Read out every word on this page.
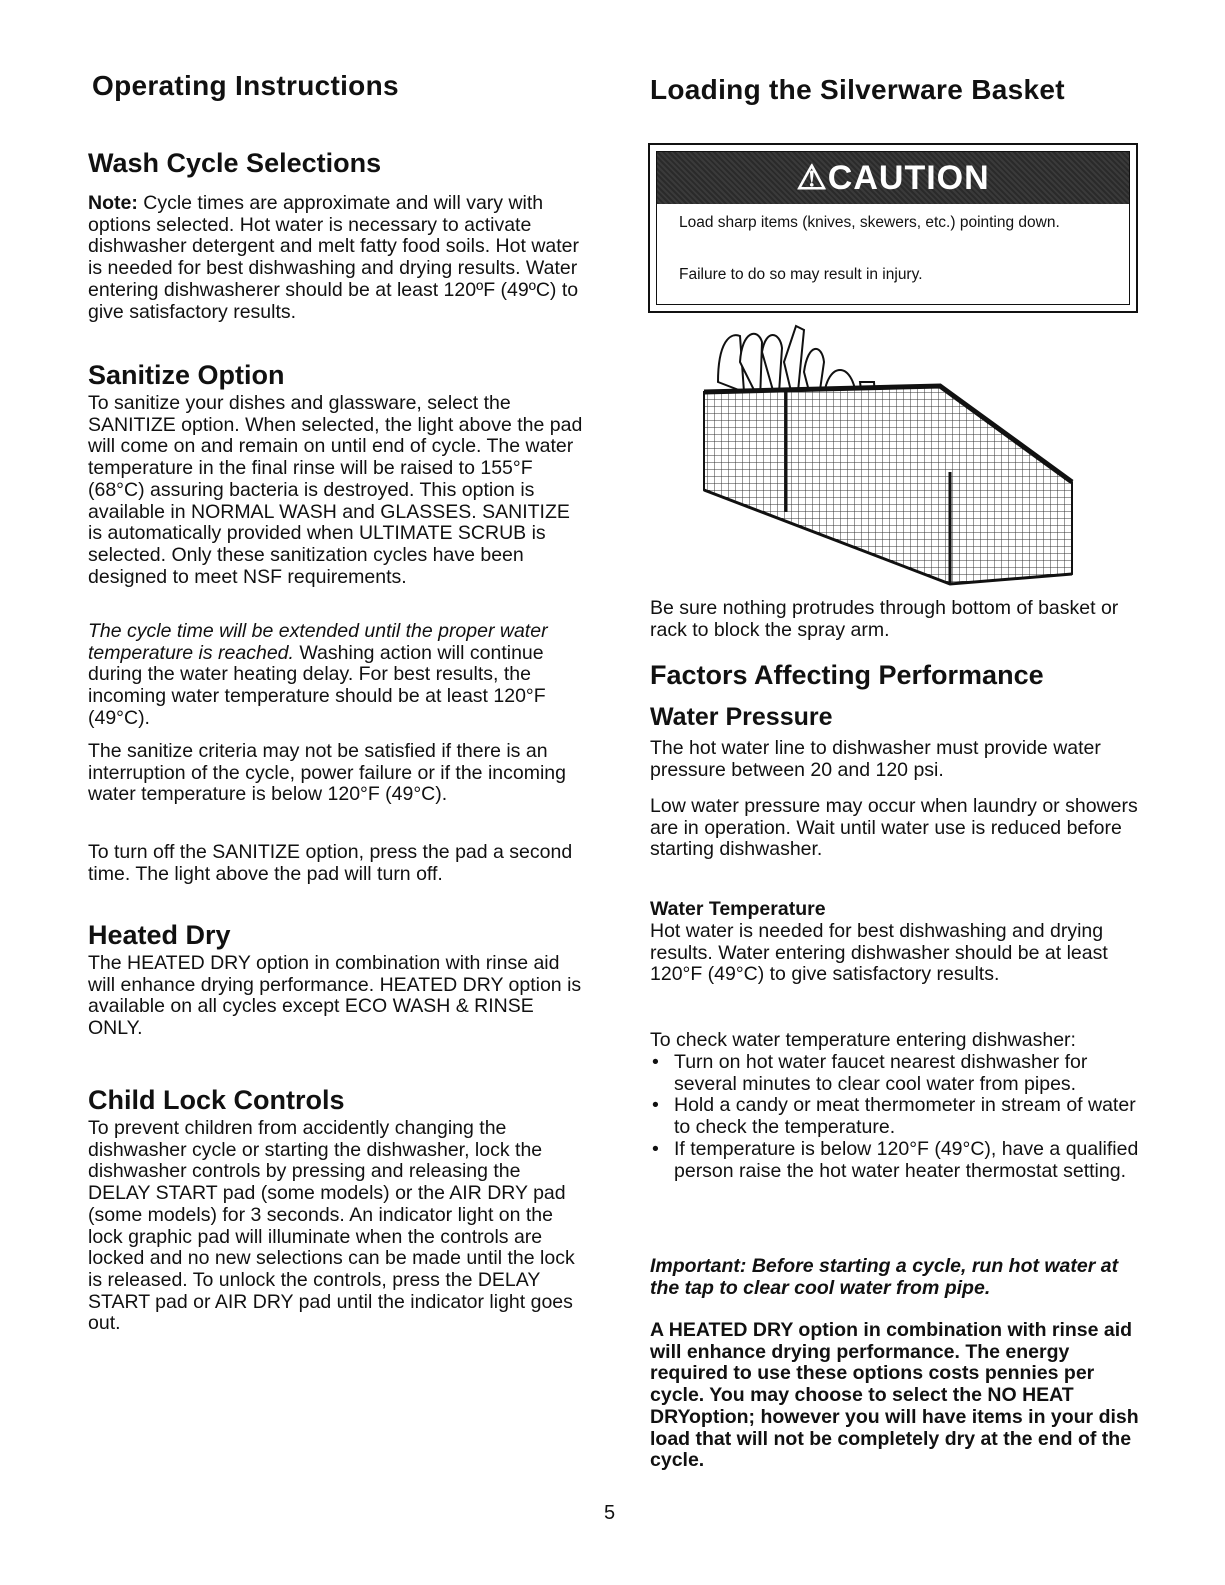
Operating Instructions	Loading the Silverware Basket
Wash Cycle Selections

Note: Cycle times are approximate and will vary with options selected. Hot water is necessary to activate dishwasher detergent and melt fatty food soils. Hot water is needed for best dishwashing and drying results. Water entering dishwasherer should be at least 120ºF (49ºC) to give satisfactory results.

Sanitize Option

To sanitize your dishes and glassware, select the SANITIZE option. When selected, the light above the pad will come on and remain on until end of cycle. The water temperature in the final rinse will be raised to 155°F (68°C) assuring bacteria is destroyed. This option is available in NORMAL WASH and GLASSES. SANITIZE is automatically provided when ULTIMATE SCRUB is selected. Only these sanitization cycles have been designed to meet NSF requirements.

The cycle time will be extended until the proper water temperature is reached. Washing action will continue during the water heating delay. For best results, the incoming water temperature should be at least 120°F (49°C).

The sanitize criteria may not be satisfied if there is an interruption of the cycle, power failure or if the incoming water temperature is below 120°F (49°C).

To turn off the SANITIZE option, press the pad a second time. The light above the pad will turn off.

Heated Dry

The HEATED DRY option in combination with rinse aid will enhance drying performance. HEATED DRY option is available on all cycles except ECO WASH & RINSE ONLY.

Child Lock Controls

To prevent children from accidently changing the dishwasher cycle or starting the dishwasher, lock the dishwasher controls by pressing and releasing the DELAY START pad (some models) or the AIR DRY pad (some models) for 3 seconds. An indicator light on the lock graphic pad will illuminate when the controls are locked and no new selections can be made until the lock is released. To unlock the controls, press the DELAY START pad or AIR DRY pad until the indicator light goes out.

⚠CAUTION
Load sharp items (knives, skewers, etc.) pointing down.
Failure to do so may result in injury.

Be sure nothing protrudes through bottom of basket or rack to block the spray arm.

Factors Affecting Performance
Water Pressure

The hot water line to dishwasher must provide water pressure between 20 and 120 psi.

Low water pressure may occur when laundry or showers are in operation. Wait until water use is reduced before starting dishwasher.

Water Temperature

Hot water is needed for best dishwashing and drying results. Water entering dishwasher should be at least 120°F (49°C) to give satisfactory results.

To check water temperature entering dishwasher:

• Turn on hot water faucet nearest dishwasher for several minutes to clear cool water from pipes.
• Hold a candy or meat thermometer in stream of water to check the temperature.
• If temperature is below 120°F (49°C), have a qualified person raise the hot water heater thermostat setting.

Important: Before starting a cycle, run hot water at the tap to clear cool water from pipe.

A HEATED DRY option in combination with rinse aid will enhance drying performance. The energy required to use these options costs pennies per cycle. You may choose to select the NO HEAT DRYoption; however you will have items in your dish load that will not be completely dry at the end of the cycle.

5
